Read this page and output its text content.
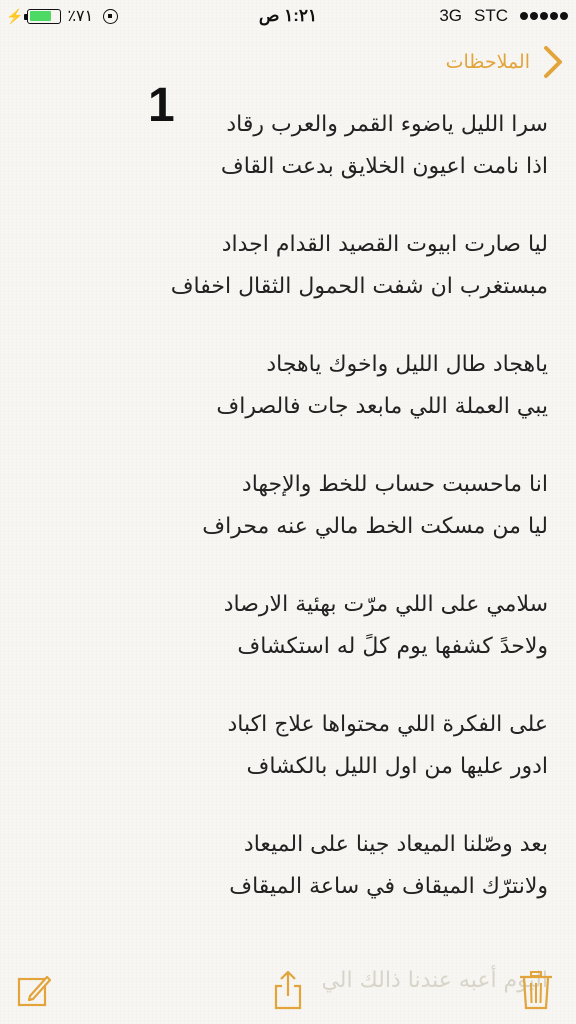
⚡	٪٧١	١:٢١ ص	3G STC
الملاحظات
1	سرا الليل ياضوء القمر والعرب رقاد
اذا نامت اعيون الخلايق بدعت القاف
ليا صارت ابيوت القصيد القدام اجداد
مبستغرب ان شفت الحمول الثقال اخفاف
ياهجاد طال الليل واخوك ياهجاد
يبي العملة اللي مابعد جات فالصراف
انا ماحسبت حساب للخط والإجهاد
ليا من مسكت الخط مالي عنه محراف
سلامي على اللي مرّت بهئية الارصاد
ولاحدً كشفها يوم كلً له استكشاف
على الفكرة اللي محتواها علاج اكباد
ادور عليها من اول الليل بالكشاف
بعد وصّلنا الميعاد جينا على الميعاد
ولانترّك الميقاف في ساعة الميقاف
اليوم أعبه عندنا ذالك الي
